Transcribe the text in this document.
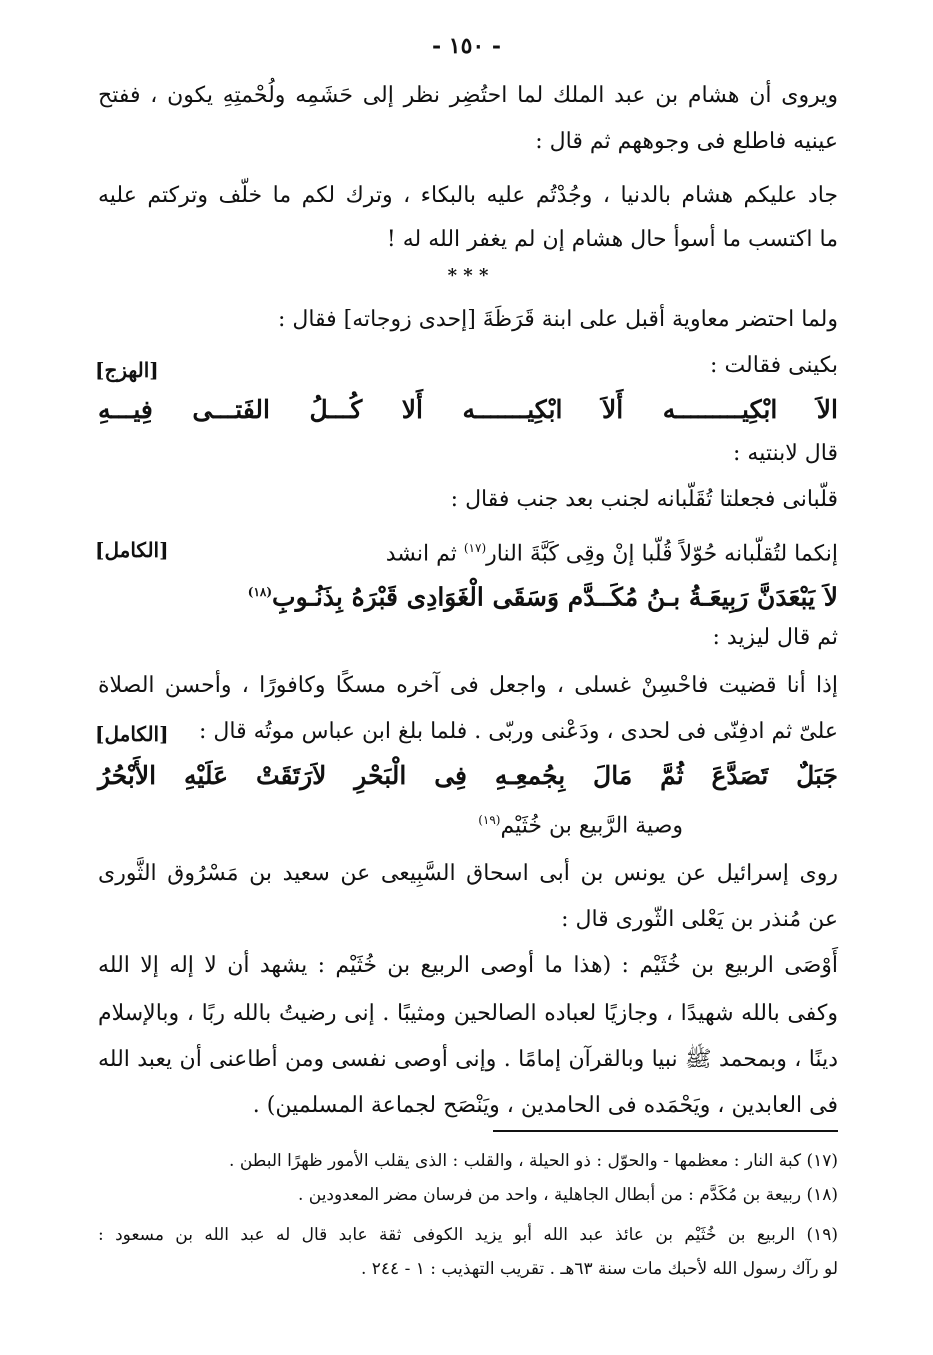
- ١٥٠ -
ويروى أن هشام بن عبد الملك لما احتُضِر نظر إلى حَشَمِه ولُحْمتِهِ يكون ، ففتح
عينيه فاطلع فى وجوههم ثم قال :
جاد عليكم هشام بالدنيا ، وجُدْتُم عليه بالبكاء ، وترك لكم ما خلّف وتركتم عليه
ما اكتسب ما أسوأ حال هشام إن لم يغفر الله له !
* * *
ولما احتضر معاوية أقبل على ابنة قَرَظَةَ [إحدى زوجاته] فقال :
بكينى فقالت :
[الهزج]
الاَ ابْكِيـــــــــه أَلاَ ابْكِيـــــــه أَلا كُـــلُ الفَتـــى فِيـــهِ
قال لابنتيه :
قلّبانى فجعلتا تُقَلّبانه لجنب بعد جنب فقال :
إنكما لتُقلّبانه حُوّلاً قُلّبا إنْ وقِى كَبَّةَ النار$^{(١٧)}$ ثم انشد
[الكامل]
لاَ يَبْعَدَنَّ رَبِيعَـةُ بـنُ مُكَــدَّم وَسَقَى الْغَوَادِى قَبْرَهُ بِذَنُـوبِ$^{(١٨)}$
ثم قال ليزيد :
إذا أنا قضيت فاحْسِنْ غسلى ، واجعل فى آخره مسكًا وكافورًا ، وأحسن الصلاة
علىّ ثم ادفِنّى فى لحدى ، ودَعْنى وربّى . فلما بلغ ابن عباس موتُه قال :
[الكامل]
جَبَلٌ تَصَدَّعَ ثُمَّ مَالَ بِجُمعِـهِ فِى الْبَحْرِ لاَرَتَقَتْ عَلَيْهِ الأَبْحُرُ
وصية الرَّبيع بن خُثَيْم$^{(١٩)}$
روى إسرائيل عن يونس بن أبى اسحاق السَّبِيعى عن سعيد بن مَسْرُوق الثَّورى
عن مُنذر بن يَعْلى الثّورى قال :
أَوْصَى الربيع بن خُثَيْم : (هذا ما أوصى الربيع بن خُثَيْم : يشهد أن لا إله إلا الله
وكفى بالله شهيدًا ، وجازيًا لعباده الصالحين ومثيبًا . إنى رضيتُ بالله ربًا ، وبالإسلام
دينًا ، وبمحمد ﷺ نبيا وبالقرآن إمامًا . وإنى أوصى نفسى ومن أطاعنى أن يعبد الله
فى العابدين ، ويَحْمَده فى الحامدين ، ويَنْصَح لجماعة المسلمين) .
(١٧) كبة النار : معظمها - والحوّل : ذو الحيلة ، والقلب : الذى يقلب الأمور ظهرًا البطن .
(١٨) ربيعة بن مُكَدَّم : من أبطال الجاهلية ، واحد من فرسان مضر المعدودين .
(١٩) الربيع بن خُثَيْم بن عائذ عبد الله أبو يزيد الكوفى ثقة عابد قال له عبد الله بن مسعود :
لو رآك رسول الله لأحبك مات سنة ٦٣هـ . تقريب التهذيب : ١ - ٢٤٤ .
